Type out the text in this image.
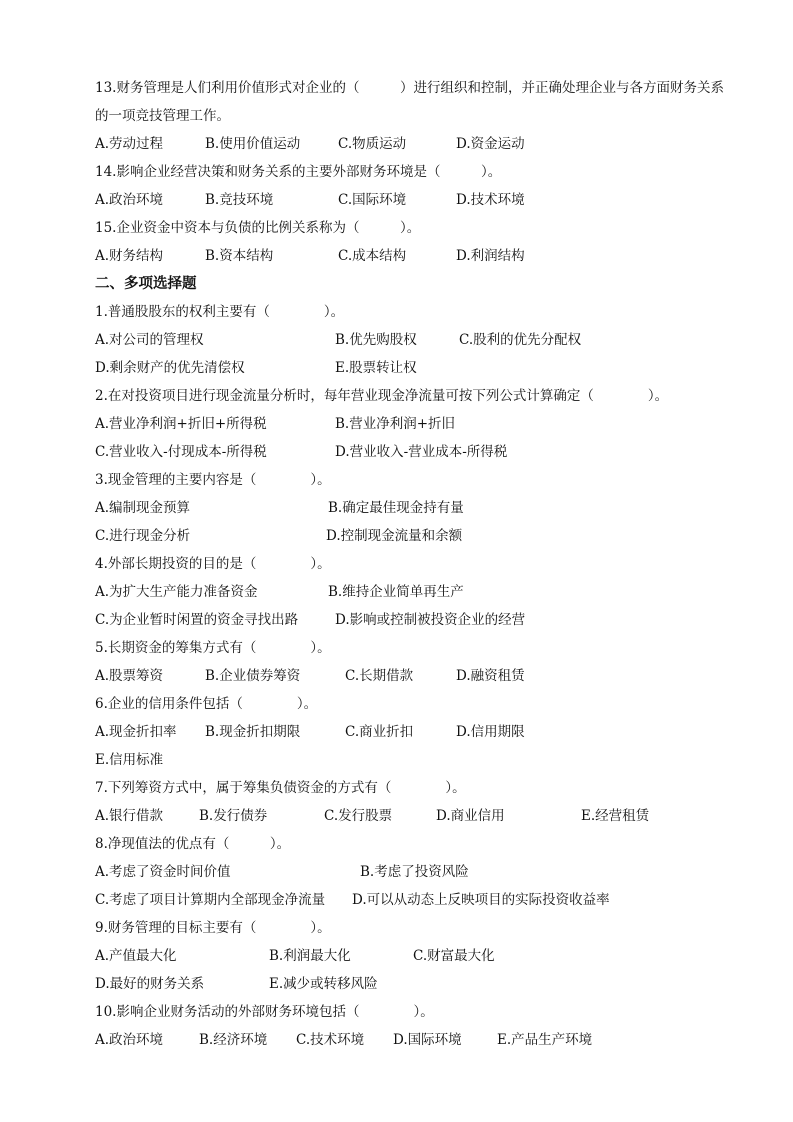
13.财务管理是人们利用价值形式对企业的（　　　）进行组织和控制，并正确处理企业与各方面财务关系
的一项竞技管理工作。
A.劳动过程	B.使用价值运动	C.物质运动	D.资金运动
14.影响企业经营决策和财务关系的主要外部财务环境是（　　　）。
A.政治环境	B.竞技环境	C.国际环境	D.技术环境
15.企业资金中资本与负债的比例关系称为（　　　）。
A.财务结构	B.资本结构	C.成本结构	D.利润结构
二、多项选择题
1.普通股股东的权利主要有（　　　　）。
A.对公司的管理权	B.优先购股权	C.股利的优先分配权
D.剩余财产的优先清偿权	E.股票转让权
2.在对投资项目进行现金流量分析时，每年营业现金净流量可按下列公式计算确定（　　　　）。
A.营业净利润+折旧+所得税	B.营业净利润+折旧
C.营业收入-付现成本-所得税	D.营业收入-营业成本-所得税
3.现金管理的主要内容是（　　　　）。
A.编制现金预算	B.确定最佳现金持有量
C.进行现金分析	D.控制现金流量和余额
4.外部长期投资的目的是（　　　　）。
A.为扩大生产能力准备资金	B.维持企业简单再生产
C.为企业暂时闲置的资金寻找出路	D.影响或控制被投资企业的经营
5.长期资金的筹集方式有（　　　　）。
A.股票筹资	B.企业债券筹资	C.长期借款	D.融资租赁
6.企业的信用条件包括（　　　　）。
A.现金折扣率 B.现金折扣期限	C.商业折扣	D.信用期限
E.信用标准
7.下列筹资方式中，属于筹集负债资金的方式有（　　　　）。
A.银行借款	B.发行债券	C.发行股票	D.商业信用	E.经营租赁
8.净现值法的优点有（　　　）。
A.考虑了资金时间价值	B.考虑了投资风险
C.考虑了项目计算期内全部现金净流量 D.可以从动态上反映项目的实际投资收益率
9.财务管理的目标主要有（　　　　）。
A.产值最大化	B.利润最大化	C.财富最大化
D.最好的财务关系	E.减少或转移风险
10.影响企业财务活动的外部财务环境包括（　　　　）。
A.政治环境	B.经济环境 C.技术环境 D.国际环境	E.产品生产环境
